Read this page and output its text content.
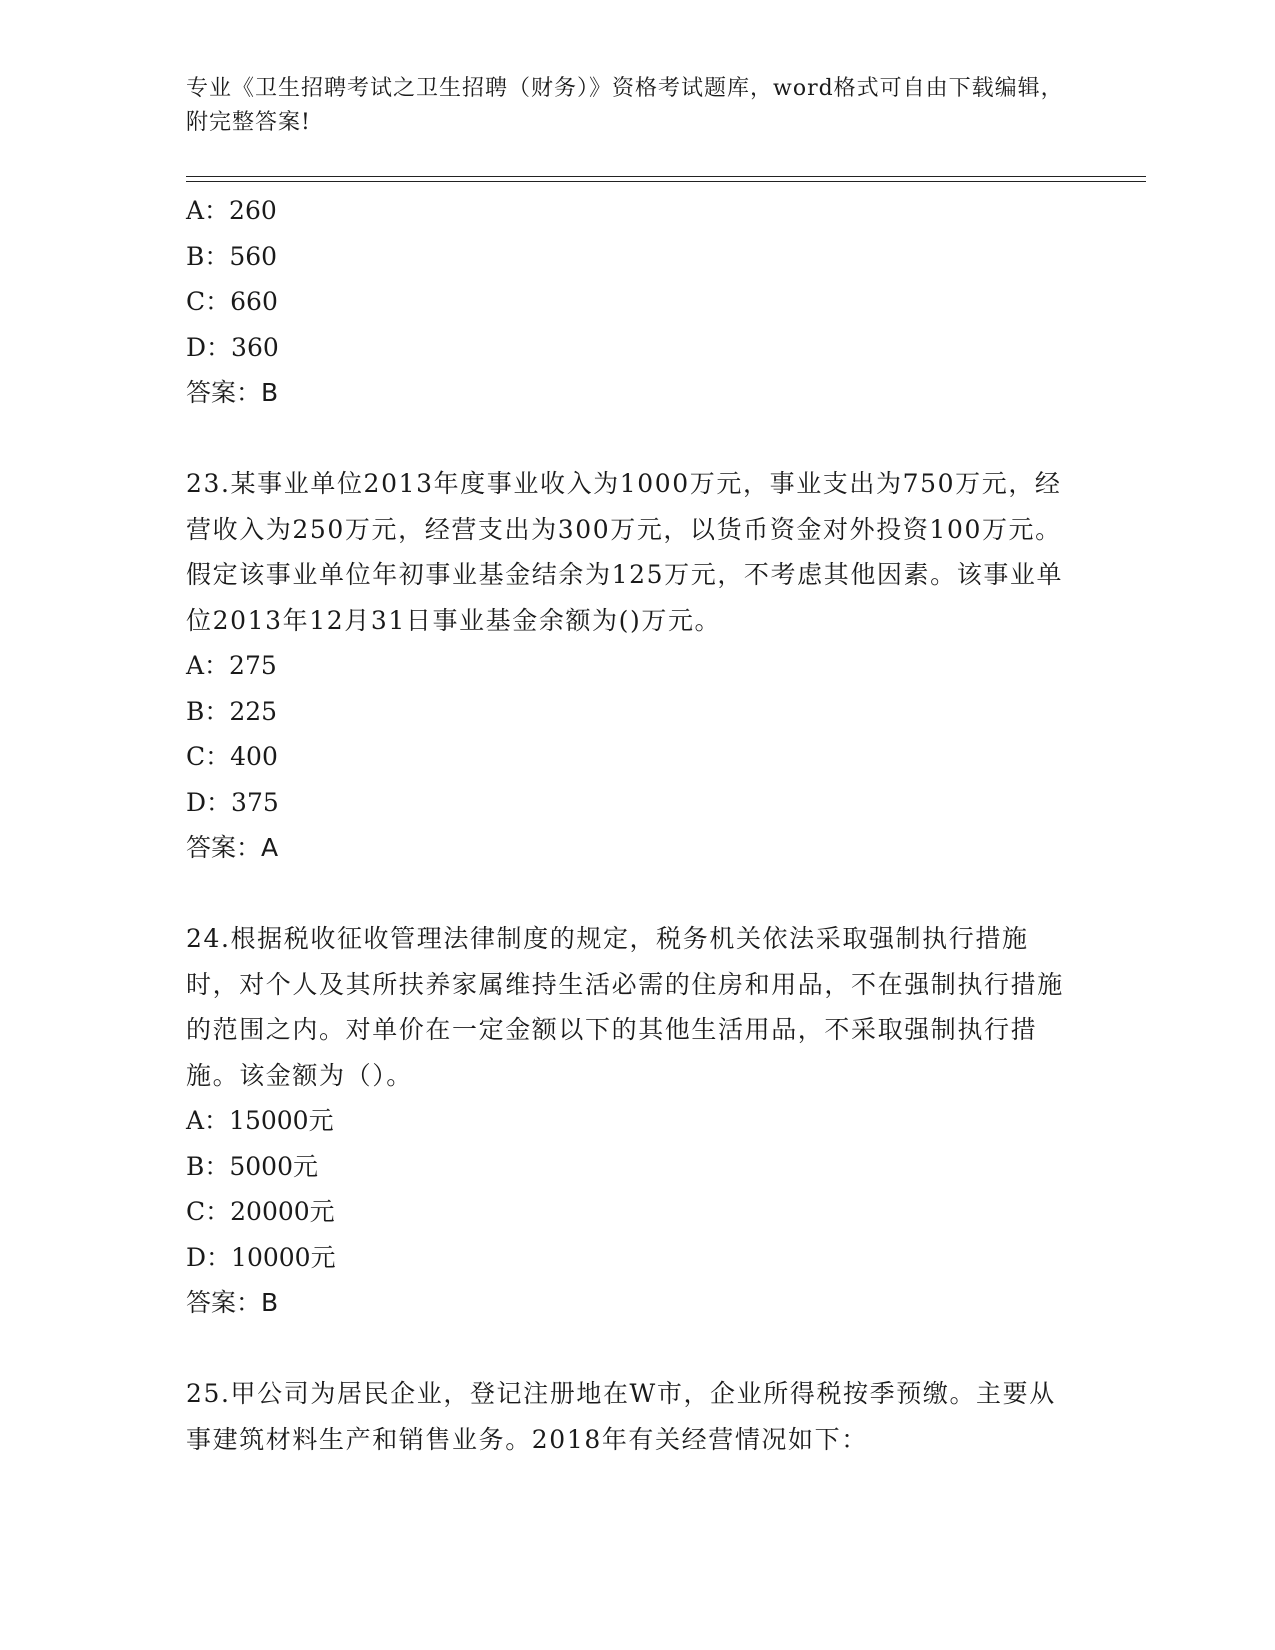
专业《卫生招聘考试之卫生招聘（财务）》资格考试题库，word格式可自由下载编辑，附完整答案!
A：260
B：560
C：660
D：360
答案：B
23.某事业单位2013年度事业收入为1000万元，事业支出为750万元，经营收入为250万元，经营支出为300万元，以货币资金对外投资100万元。假定该事业单位年初事业基金结余为125万元，不考虑其他因素。该事业单位2013年12月31日事业基金余额为()万元。
A：275
B：225
C：400
D：375
答案：A
24.根据税收征收管理法律制度的规定，税务机关依法采取强制执行措施时，对个人及其所扶养家属维持生活必需的住房和用品，不在强制执行措施的范围之内。对单价在一定金额以下的其他生活用品，不采取强制执行措施。该金额为（）。
A：15000元
B：5000元
C：20000元
D：10000元
答案：B
25.甲公司为居民企业，登记注册地在W市，企业所得税按季预缴。主要从事建筑材料生产和销售业务。2018年有关经营情况如下：
